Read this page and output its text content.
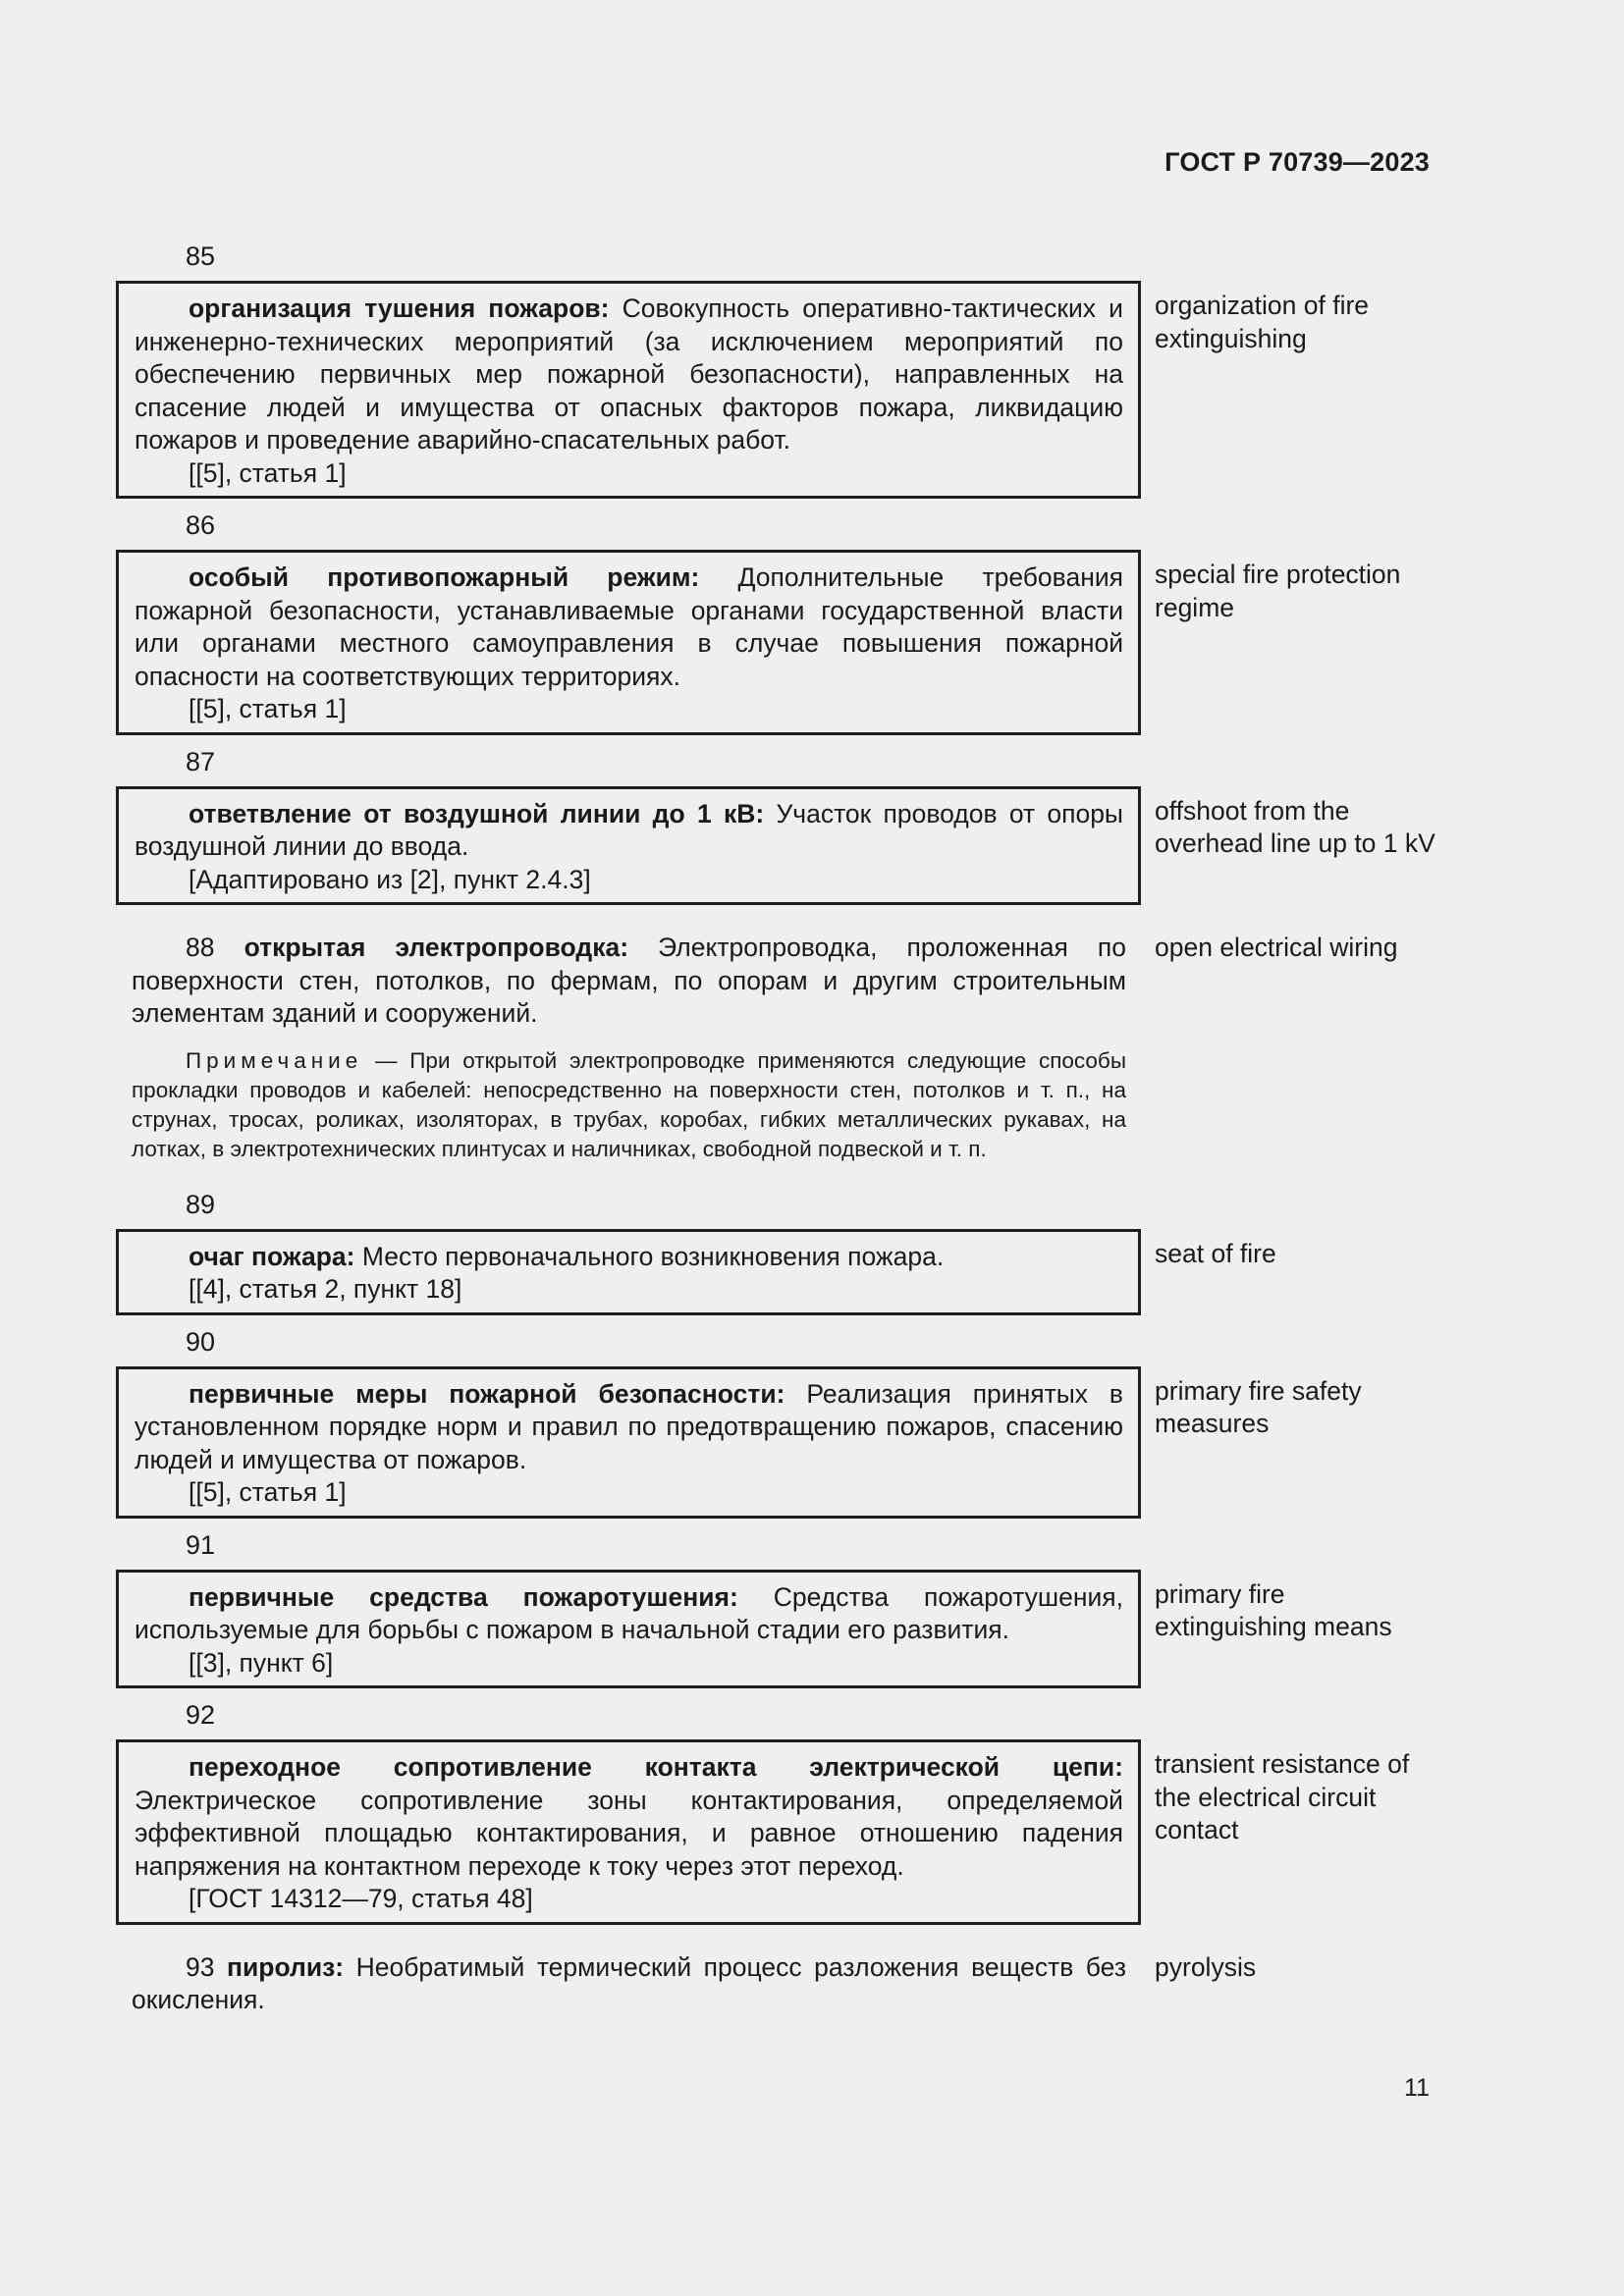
ГОСТ Р 70739—2023
85

организация тушения пожаров: Совокупность оперативно-тактических и инженерно-технических мероприятий (за исключением мероприятий по обеспечению первичных мер пожарной безопасности), направленных на спасение людей и имущества от опасных факторов пожара, ликвидацию пожаров и проведение аварийно-спасательных работ.

[[5], статья 1]

organization of fire extinguishing
86

особый противопожарный режим: Дополнительные требования пожарной безопасности, устанавливаемые органами государственной власти или органами местного самоуправления в случае повышения пожарной опасности на соответствующих территориях.

[[5], статья 1]

special fire protection regime
87

ответвление от воздушной линии до 1 кВ: Участок проводов от опоры воздушной линии до ввода.

[Адаптировано из [2], пункт 2.4.3]

offshoot from the overhead line up to 1 kV

88 открытая электропроводка: Электропроводка, проложенная по поверхности стен, потолков, по фермам, по опорам и другим строительным элементам зданий и сооружений.

Примечание — При открытой электропроводке применяются следующие способы прокладки проводов и кабелей: непосредственно на поверхности стен, потолков и т. п., на струнах, тросах, роликах, изоляторах, в трубах, коробах, гибких металлических рукавах, на лотках, в электротехнических плинтусах и наличниках, свободной подвеской и т. п.

open electrical wiring
89

очаг пожара: Место первоначального возникновения пожара.

[[4], статья 2, пункт 18]

seat of fire
90

первичные меры пожарной безопасности: Реализация принятых в установленном порядке норм и правил по предотвращению пожаров, спасению людей и имущества от пожаров.

[[5], статья 1]

primary fire safety measures
91

первичные средства пожаротушения: Средства пожаротушения, используемые для борьбы с пожаром в начальной стадии его развития.

[[3], пункт 6]

primary fire extinguishing means
92

переходное сопротивление контакта электрической цепи: Электрическое сопротивление зоны контактирования, определяемой эффективной площадью контактирования, и равное отношению падения напряжения на контактном переходе к току через этот переход.

[ГОСТ 14312—79, статья 48]

transient resistance of the electrical circuit contact

93 пиролиз: Необратимый термический процесс разложения веществ без окисления.

pyrolysis
11
